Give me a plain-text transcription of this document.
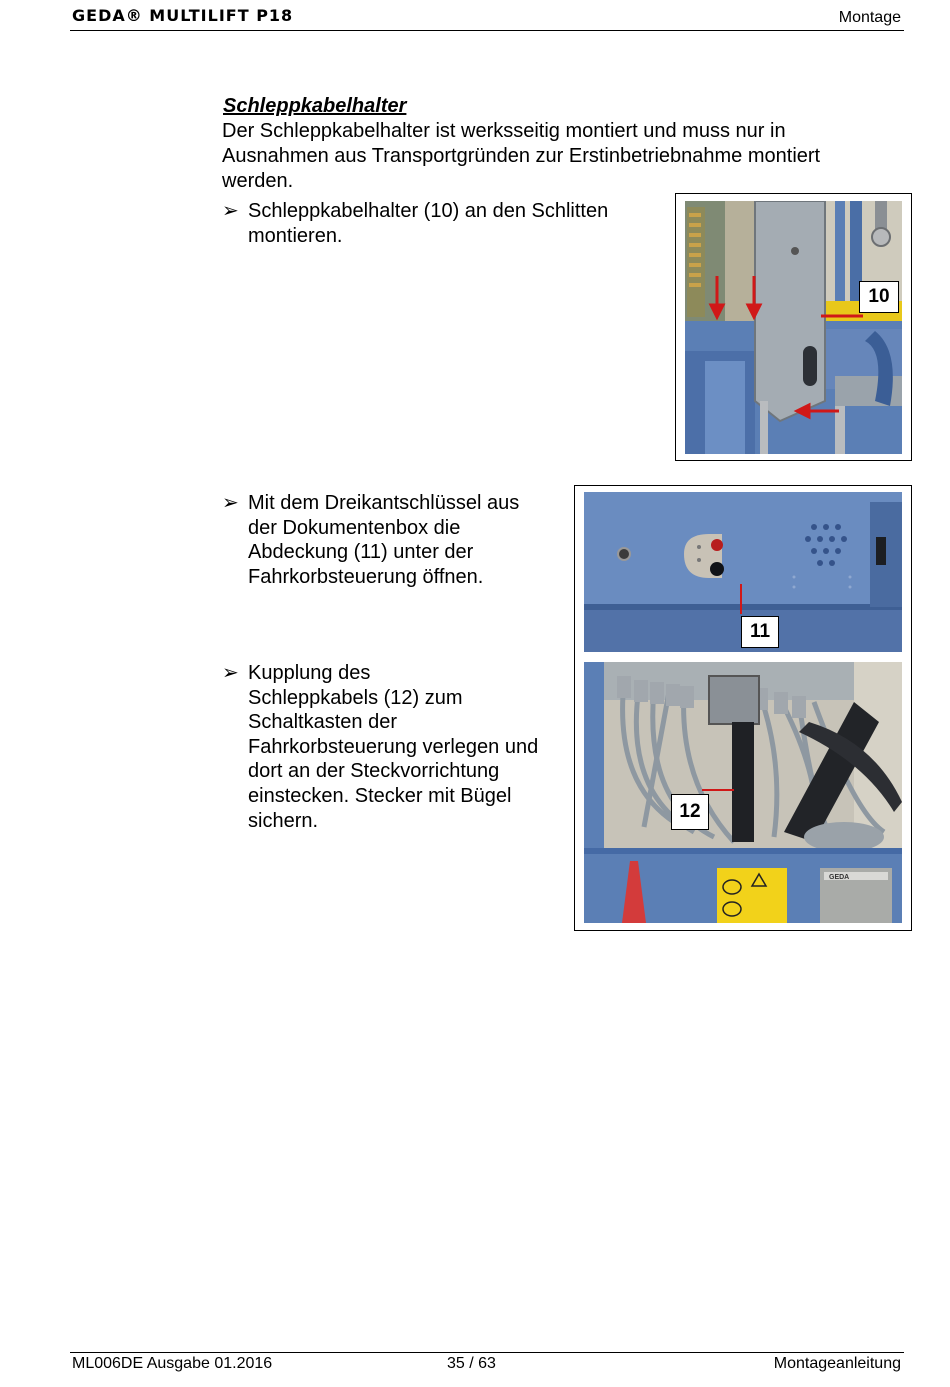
GEDA® MULTILIFT P18	Montage
Schleppkabelhalter
Der Schleppkabelhalter ist werksseitig montiert und muss nur in Ausnahmen aus Transportgründen zur Erstinbetriebnahme montiert werden.
➢ Schleppkabelhalter (10) an den Schlitten
montieren.
➢ Mit dem Dreikantschlüssel aus
der Dokumentenbox die
Abdeckung (11) unter der
Fahrkorbsteuerung öffnen.
➢ Kupplung des
Schleppkabels (12) zum
Schaltkasten der
Fahrkorbsteuerung verlegen und
dort an der Steckvorrichtung
einstecken. Stecker mit Bügel
sichern.
10
11
GEDA
12
ML006DE Ausgabe 01.2016	35 / 63	Montageanleitung
